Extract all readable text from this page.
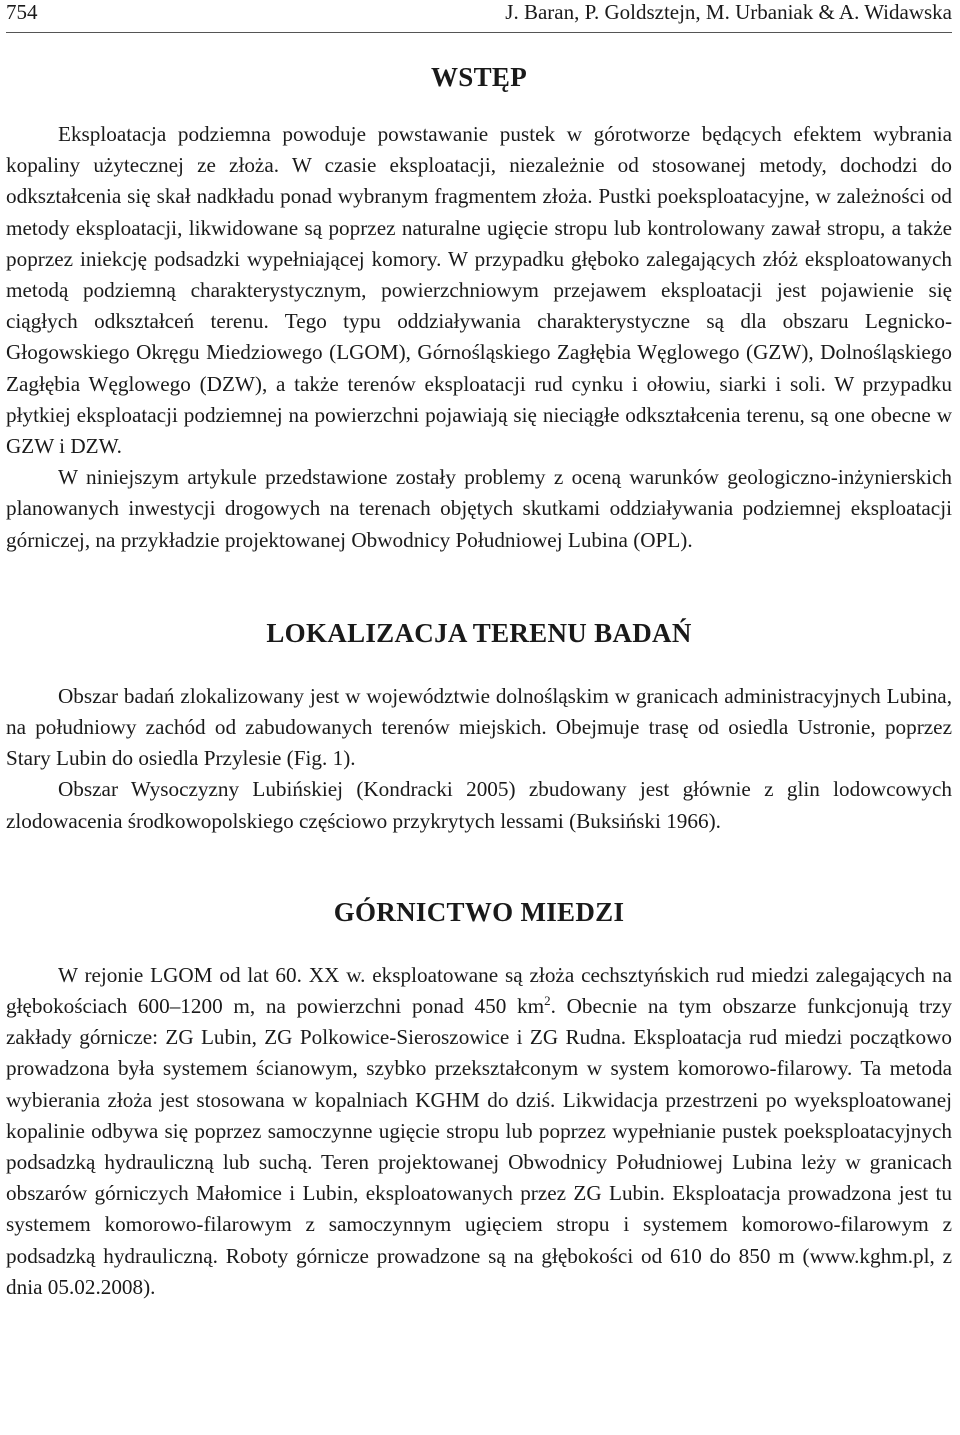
754	J. Baran, P. Goldsztejn, M. Urbaniak & A. Widawska
WSTĘP

Eksploatacja podziemna powoduje powstawanie pustek w górotworze będących efektem wybrania kopaliny użytecznej ze złoża. W czasie eksploatacji, niezależnie od stosowanej metody, dochodzi do odkształcenia się skał nadkładu ponad wybranym fragmentem złoża. Pustki poeksploatacyjne, w zależności od metody eksploatacji, likwidowane są poprzez naturalne ugięcie stropu lub kontrolowany zawał stropu, a także poprzez iniekcję podsadzki wypełniającej komory. W przypadku głęboko zalegających złóż eksploatowanych metodą podziemną charakterystycznym, powierzchniowym przejawem eksploatacji jest pojawienie się ciągłych odkształceń terenu. Tego typu oddziaływania charakterystyczne są dla obszaru Legnicko-Głogowskiego Okręgu Miedziowego (LGOM), Górnośląskiego Zagłębia Węglowego (GZW), Dolnośląskiego Zagłębia Węglowego (DZW), a także terenów eksploatacji rud cynku i ołowiu, siarki i soli. W przypadku płytkiej eksploatacji podziemnej na powierzchni pojawiają się nieciągłe odkształcenia terenu, są one obecne w GZW i DZW.

W niniejszym artykule przedstawione zostały problemy z oceną warunków geologiczno-inżynierskich planowanych inwestycji drogowych na terenach objętych skutkami oddziaływania podziemnej eksploatacji górniczej, na przykładzie projektowanej Obwodnicy Południowej Lubina (OPL).

LOKALIZACJA TERENU BADAŃ

Obszar badań zlokalizowany jest w województwie dolnośląskim w granicach administracyjnych Lubina, na południowy zachód od zabudowanych terenów miejskich. Obejmuje trasę od osiedla Ustronie, poprzez Stary Lubin do osiedla Przylesie (Fig. 1).

Obszar Wysoczyzny Lubińskiej (Kondracki 2005) zbudowany jest głównie z glin lodowcowych zlodowacenia środkowopolskiego częściowo przykrytych lessami (Buksiński 1966).

GÓRNICTWO MIEDZI

W rejonie LGOM od lat 60. XX w. eksploatowane są złoża cechsztyńskich rud miedzi zalegających na głębokościach 600–1200 m, na powierzchni ponad 450 $km^2$. Obecnie na tym obszarze funkcjonują trzy zakłady górnicze: ZG Lubin, ZG Polkowice-Sieroszowice i ZG Rudna. Eksploatacja rud miedzi początkowo prowadzona była systemem ścianowym, szybko przekształconym w system komorowo-filarowy. Ta metoda wybierania złoża jest stosowana w kopalniach KGHM do dziś. Likwidacja przestrzeni po wyeksploatowanej kopalinie odbywa się poprzez samoczynne ugięcie stropu lub poprzez wypełnianie pustek poeksploatacyjnych podsadzką hydrauliczną lub suchą. Teren projektowanej Obwodnicy Południowej Lubina leży w granicach obszarów górniczych Małomice i Lubin, eksploatowanych przez ZG Lubin. Eksploatacja prowadzona jest tu systemem komorowo-filarowym z samoczynnym ugięciem stropu i systemem komorowo-filarowym z podsadzką hydrauliczną. Roboty górnicze prowadzone są na głębokości od 610 do 850 m (www.kghm.pl, z dnia 05.02.2008).
